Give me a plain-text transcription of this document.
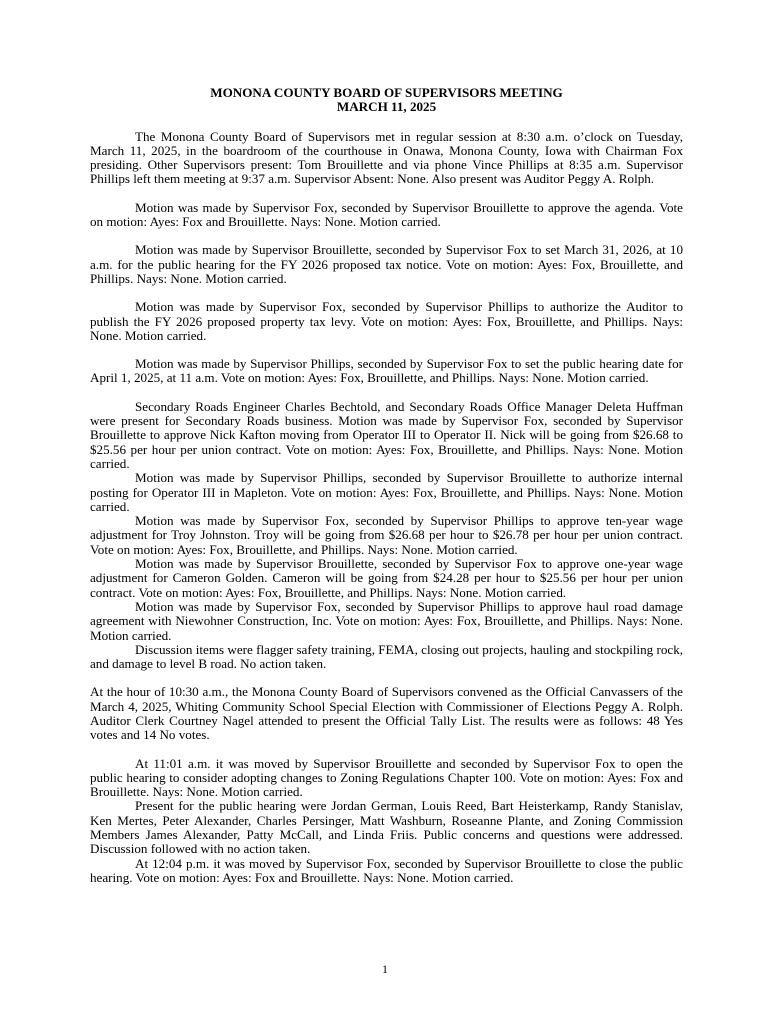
MONONA COUNTY BOARD OF SUPERVISORS MEETING
MARCH 11, 2025

The Monona County Board of Supervisors met in regular session at 8:30 a.m. o’clock on Tuesday, March 11, 2025, in the boardroom of the courthouse in Onawa, Monona County, Iowa with Chairman Fox presiding. Other Supervisors present: Tom Brouillette and via phone Vince Phillips at 8:35 a.m. Supervisor Phillips left them meeting at 9:37 a.m. Supervisor Absent: None. Also present was Auditor Peggy A. Rolph.

Motion was made by Supervisor Fox, seconded by Supervisor Brouillette to approve the agenda. Vote on motion: Ayes: Fox and Brouillette. Nays: None. Motion carried.

Motion was made by Supervisor Brouillette, seconded by Supervisor Fox to set March 31, 2026, at 10 a.m. for the public hearing for the FY 2026 proposed tax notice. Vote on motion: Ayes: Fox, Brouillette, and Phillips. Nays: None. Motion carried.

Motion was made by Supervisor Fox, seconded by Supervisor Phillips to authorize the Auditor to publish the FY 2026 proposed property tax levy. Vote on motion: Ayes: Fox, Brouillette, and Phillips. Nays: None. Motion carried.

Motion was made by Supervisor Phillips, seconded by Supervisor Fox to set the public hearing date for April 1, 2025, at 11 a.m. Vote on motion: Ayes: Fox, Brouillette, and Phillips. Nays: None. Motion carried.

Secondary Roads Engineer Charles Bechtold, and Secondary Roads Office Manager Deleta Huffman were present for Secondary Roads business. Motion was made by Supervisor Fox, seconded by Supervisor Brouillette to approve Nick Kafton moving from Operator III to Operator II. Nick will be going from $26.68 to $25.56 per hour per union contract. Vote on motion: Ayes: Fox, Brouillette, and Phillips. Nays: None. Motion carried.

Motion was made by Supervisor Phillips, seconded by Supervisor Brouillette to authorize internal posting for Operator III in Mapleton. Vote on motion: Ayes: Fox, Brouillette, and Phillips. Nays: None. Motion carried.

Motion was made by Supervisor Fox, seconded by Supervisor Phillips to approve ten-year wage adjustment for Troy Johnston. Troy will be going from $26.68 per hour to $26.78 per hour per union contract. Vote on motion: Ayes: Fox, Brouillette, and Phillips. Nays: None. Motion carried.

Motion was made by Supervisor Brouillette, seconded by Supervisor Fox to approve one-year wage adjustment for Cameron Golden. Cameron will be going from $24.28 per hour to $25.56 per hour per union contract. Vote on motion: Ayes: Fox, Brouillette, and Phillips. Nays: None. Motion carried.

Motion was made by Supervisor Fox, seconded by Supervisor Phillips to approve haul road damage agreement with Niewohner Construction, Inc. Vote on motion: Ayes: Fox, Brouillette, and Phillips. Nays: None. Motion carried.

Discussion items were flagger safety training, FEMA, closing out projects, hauling and stockpiling rock, and damage to level B road. No action taken.

At the hour of 10:30 a.m., the Monona County Board of Supervisors convened as the Official Canvassers of the March 4, 2025, Whiting Community School Special Election with Commissioner of Elections Peggy A. Rolph. Auditor Clerk Courtney Nagel attended to present the Official Tally List. The results were as follows: 48 Yes votes and 14 No votes.

At 11:01 a.m. it was moved by Supervisor Brouillette and seconded by Supervisor Fox to open the public hearing to consider adopting changes to Zoning Regulations Chapter 100. Vote on motion: Ayes: Fox and Brouillette. Nays: None. Motion carried.

Present for the public hearing were Jordan German, Louis Reed, Bart Heisterkamp, Randy Stanislav, Ken Mertes, Peter Alexander, Charles Persinger, Matt Washburn, Roseanne Plante, and Zoning Commission Members James Alexander, Patty McCall, and Linda Friis. Public concerns and questions were addressed. Discussion followed with no action taken.

At 12:04 p.m. it was moved by Supervisor Fox, seconded by Supervisor Brouillette to close the public hearing. Vote on motion: Ayes: Fox and Brouillette. Nays: None. Motion carried.

1
